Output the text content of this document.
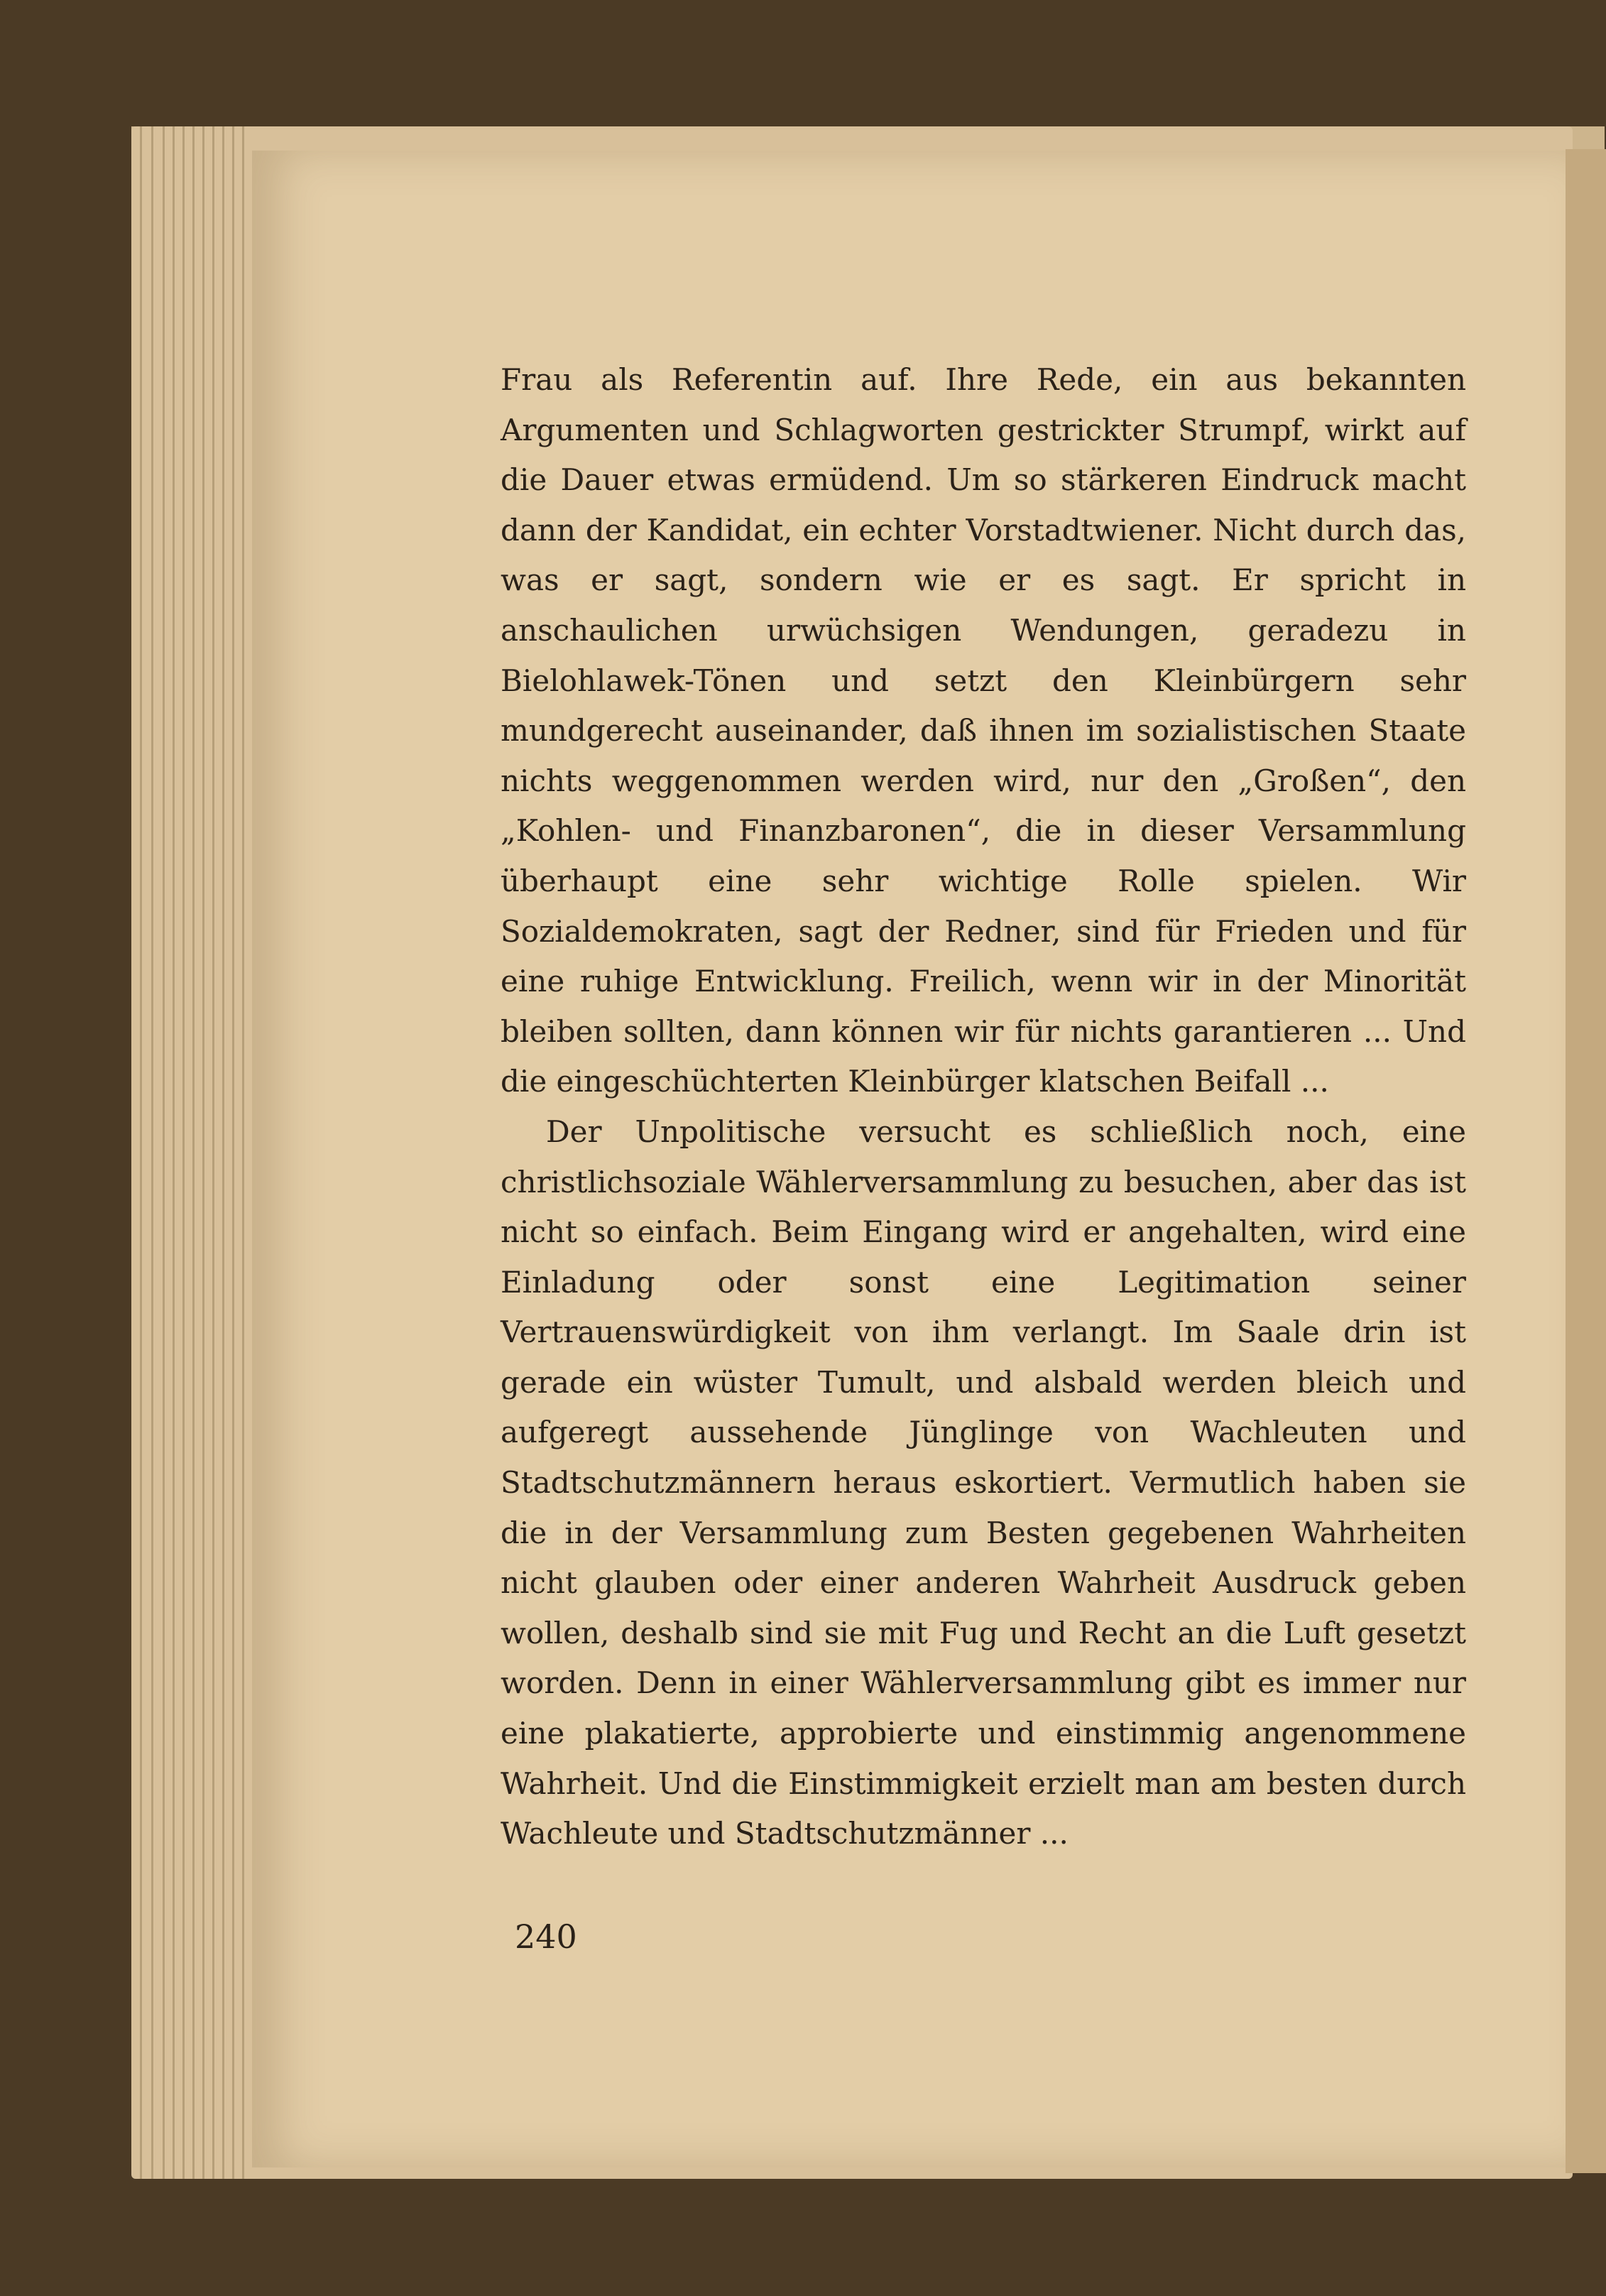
Frau als Referentin auf. Ihre Rede, ein aus bekannten Argumenten und Schlagworten gestrickter Strumpf, wirkt auf die Dauer etwas ermüdend. Um so stärkeren Eindruck macht dann der Kandidat, ein echter Vorstadtwiener. Nicht durch das, was er sagt, sondern wie er es sagt. Er spricht in anschaulichen urwüchsigen Wendungen, geradezu in Bielohlawek-Tönen und setzt den Kleinbürgern sehr mundgerecht auseinander, daß ihnen im sozialistischen Staate nichts weggenommen werden wird, nur den „Großen“, den „Kohlen- und Finanzbaronen“, die in dieser Versammlung überhaupt eine sehr wichtige Rolle spielen. Wir Sozialdemokraten, sagt der Redner, sind für Frieden und für eine ruhige Entwicklung. Freilich, wenn wir in der Minorität bleiben sollten, dann können wir für nichts garantieren ... Und die eingeschüchterten Kleinbürger klatschen Beifall ...

Der Unpolitische versucht es schließlich noch, eine christlichsoziale Wählerversammlung zu besuchen, aber das ist nicht so einfach. Beim Eingang wird er angehalten, wird eine Einladung oder sonst eine Legitimation seiner Vertrauenswürdigkeit von ihm verlangt. Im Saale drin ist gerade ein wüster Tumult, und alsbald werden bleich und aufgeregt aussehende Jünglinge von Wachleuten und Stadtschutzmännern heraus eskortiert. Vermutlich haben sie die in der Versammlung zum Besten gegebenen Wahrheiten nicht glauben oder einer anderen Wahrheit Ausdruck geben wollen, deshalb sind sie mit Fug und Recht an die Luft gesetzt worden. Denn in einer Wählerversammlung gibt es immer nur eine plakatierte, approbierte und einstimmig angenommene Wahrheit. Und die Einstimmigkeit erzielt man am besten durch Wachleute und Stadtschutzmänner ...

240
